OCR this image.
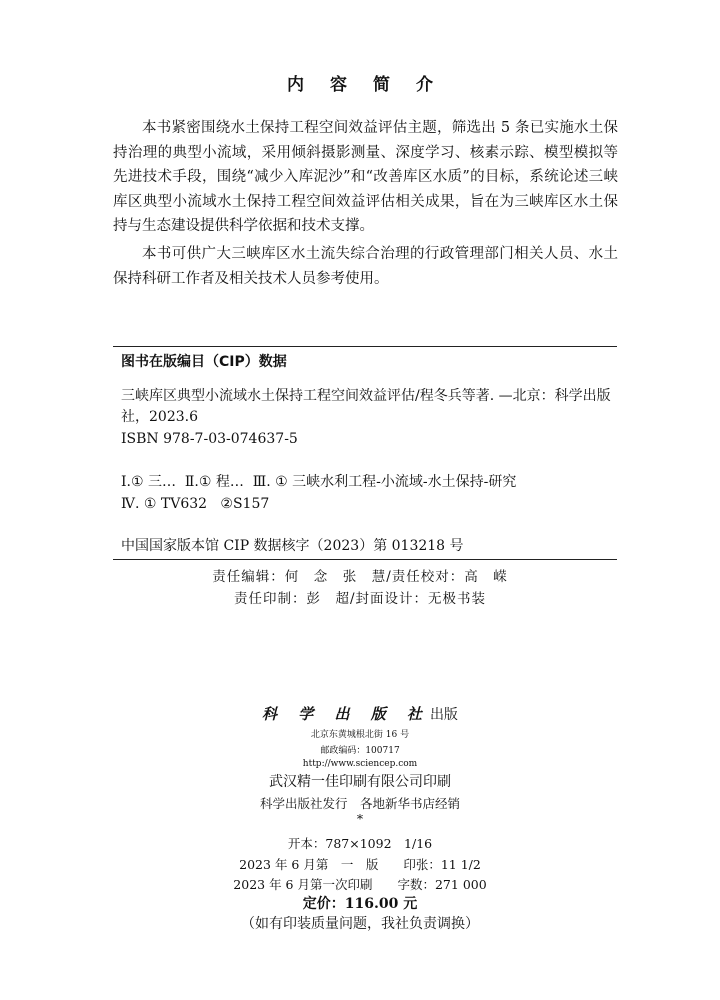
内 容 简 介

本书紧密围绕水土保持工程空间效益评估主题，筛选出 5 条已实施水土保持治理的典型小流域，采用倾斜摄影测量、深度学习、核素示踪、模型模拟等先进技术手段，围绕“减少入库泥沙”和“改善库区水质”的目标，系统论述三峡库区典型小流域水土保持工程空间效益评估相关成果，旨在为三峡库区水土保持与生态建设提供科学依据和技术支撑。

本书可供广大三峡库区水土流失综合治理的行政管理部门相关人员、水土保持科研工作者及相关技术人员参考使用。

图书在版编目（CIP）数据
三峡库区典型小流域水土保持工程空间效益评估/程冬兵等著. —北京：科学出版社，2023.6
ISBN 978-7-03-074637-5
Ⅰ.① 三…  Ⅱ.① 程…  Ⅲ. ① 三峡水利工程-小流域-水土保持-研究
Ⅳ. ① TV632   ②S157
中国国家版本馆 CIP 数据核字（2023）第 013218 号
责任编辑：何　念　张　慧/责任校对：高　嵘
责任印制：彭　超/封面设计：无极书装
科 学 出 版 社出版
北京东黄城根北街 16 号
邮政编码：100717
http://www.sciencep.com
武汉精一佳印刷有限公司印刷
科学出版社发行　各地新华书店经销
*
开本：787×1092　1/16
2023 年 6 月第　一　版　　印张：11 1/2
2023 年 6 月第一次印刷　　字数：271 000
定价：116.00 元
（如有印装质量问题，我社负责调换）
